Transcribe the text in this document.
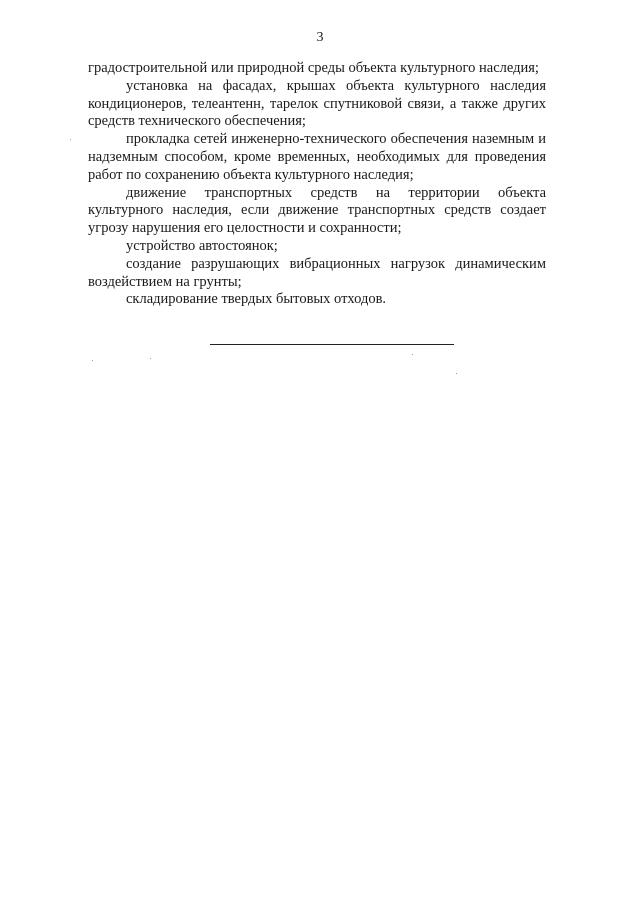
3

градостроительной или природной среды объекта культурного наследия;

установка на фасадах, крышах объекта культурного наследия кондиционеров, телеантенн, тарелок спутниковой связи, а также других средств технического обеспечения;

прокладка сетей инженерно-технического обеспечения наземным и надземным способом, кроме временных, необходимых для проведения работ по сохранению объекта культурного наследия;

движение транспортных средств на территории объекта культурного наследия, если движение транспортных средств создает угрозу нарушения его целостности и сохранности;

устройство автостоянок;

создание разрушающих вибрационных нагрузок динамическим воздействием на грунты;

складирование твердых бытовых отходов.
